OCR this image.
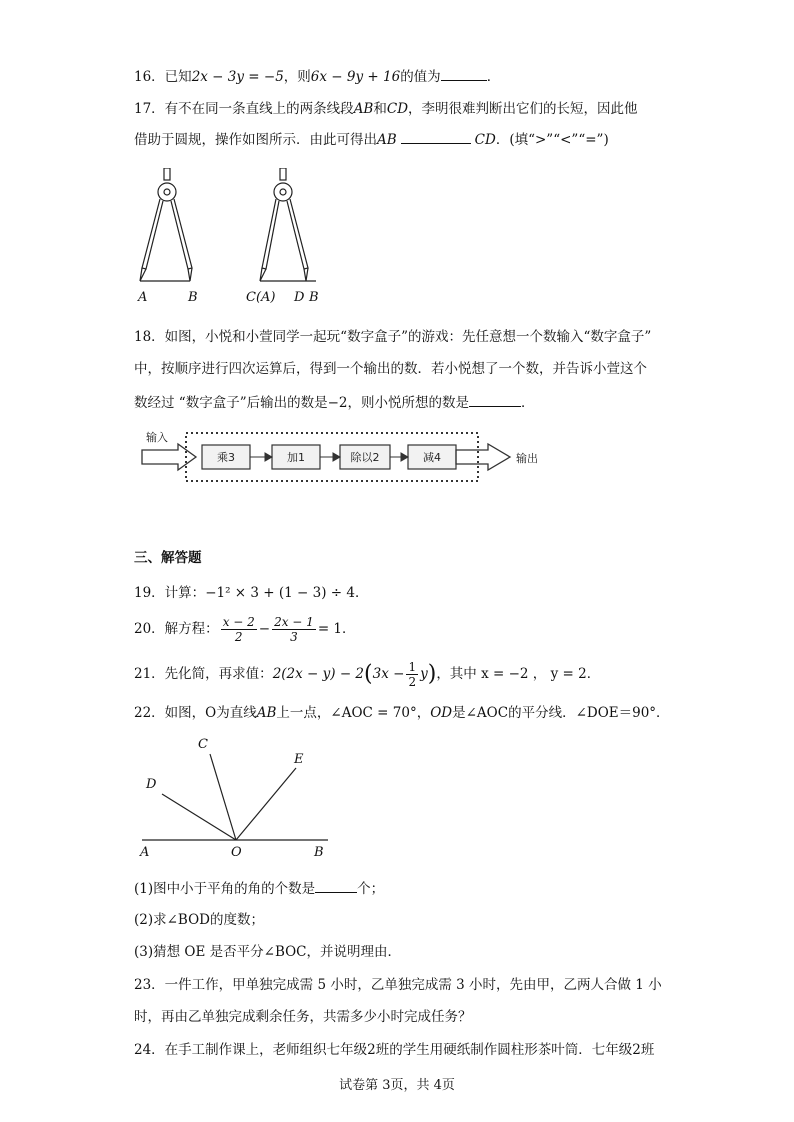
16．已知2x − 3y = −5，则6x − 9y + 16的值为	．
17．有不在同一条直线上的两条线段AB和CD，李明很难判断出它们的长短，因此他
借助于圆规，操作如图所示．由此可得出AB	CD．(填“>”“<”“=”)
A	B	C(A) D B
18．如图，小悦和小萱同学一起玩“数字盒子”的游戏：先任意想一个数输入“数字盒子”
中，按顺序进行四次运算后，得到一个输出的数．若小悦想了一个数，并告诉小萱这个
数经过 “数字盒子”后输出的数是−2，则小悦所想的数是	．
输入
输出
乘3	加1	除以2	减4
三、解答题
19．计算：−1² × 3 + (1 − 3) ÷ 4．
20．解方程： $\frac{x - 2}{2} - \frac{2x - 1}{3} = 1$．
21．先化简，再求值：$2(2x - y) - 2(3x - \frac{1}{2} y)$，其中 x = −2 ， y = 2．
22．如图，O为直线AB上一点，∠AOC = 70°，OD是∠AOC的平分线．∠DOE＝90°．
C
D
E
A	O	B
(1)图中小于平角的角的个数是	个；
(2)求∠BOD的度数；
(3)猜想 OE 是否平分∠BOC，并说明理由．
23．一件工作，甲单独完成需 5 小时，乙单独完成需 3 小时，先由甲，乙两人合做 1 小
时，再由乙单独完成剩余任务，共需多少小时完成任务？
24．在手工制作课上，老师组织七年级2班的学生用硬纸制作圆柱形茶叶筒．七年级2班
试卷第 3页，共 4页
